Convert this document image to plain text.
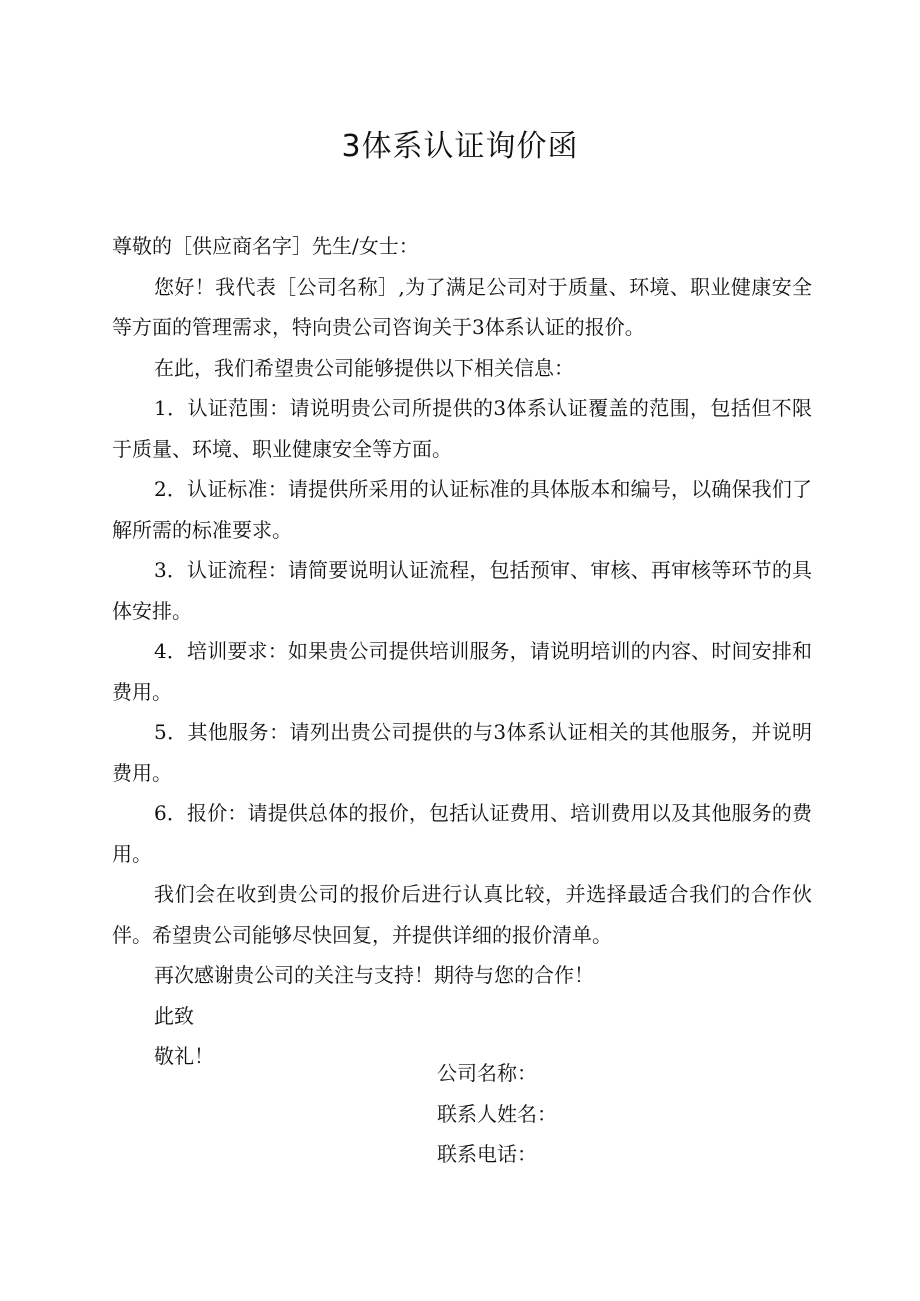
3体系认证询价函

尊敬的［供应商名字］先生/女士：

您好！我代表［公司名称］,为了满足公司对于质量、环境、职业健康安全等方面的管理需求，特向贵公司咨询关于3体系认证的报价。

在此，我们希望贵公司能够提供以下相关信息：

1．认证范围：请说明贵公司所提供的3体系认证覆盖的范围，包括但不限于质量、环境、职业健康安全等方面。

2．认证标准：请提供所采用的认证标准的具体版本和编号，以确保我们了解所需的标准要求。

3．认证流程：请简要说明认证流程，包括预审、审核、再审核等环节的具体安排。

4．培训要求：如果贵公司提供培训服务，请说明培训的内容、时间安排和费用。

5．其他服务：请列出贵公司提供的与3体系认证相关的其他服务，并说明费用。

6．报价：请提供总体的报价，包括认证费用、培训费用以及其他服务的费用。

我们会在收到贵公司的报价后进行认真比较，并选择最适合我们的合作伙伴。希望贵公司能够尽快回复，并提供详细的报价清单。

再次感谢贵公司的关注与支持！期待与您的合作！

此致

敬礼！

公司名称：

联系人姓名：

联系电话：
